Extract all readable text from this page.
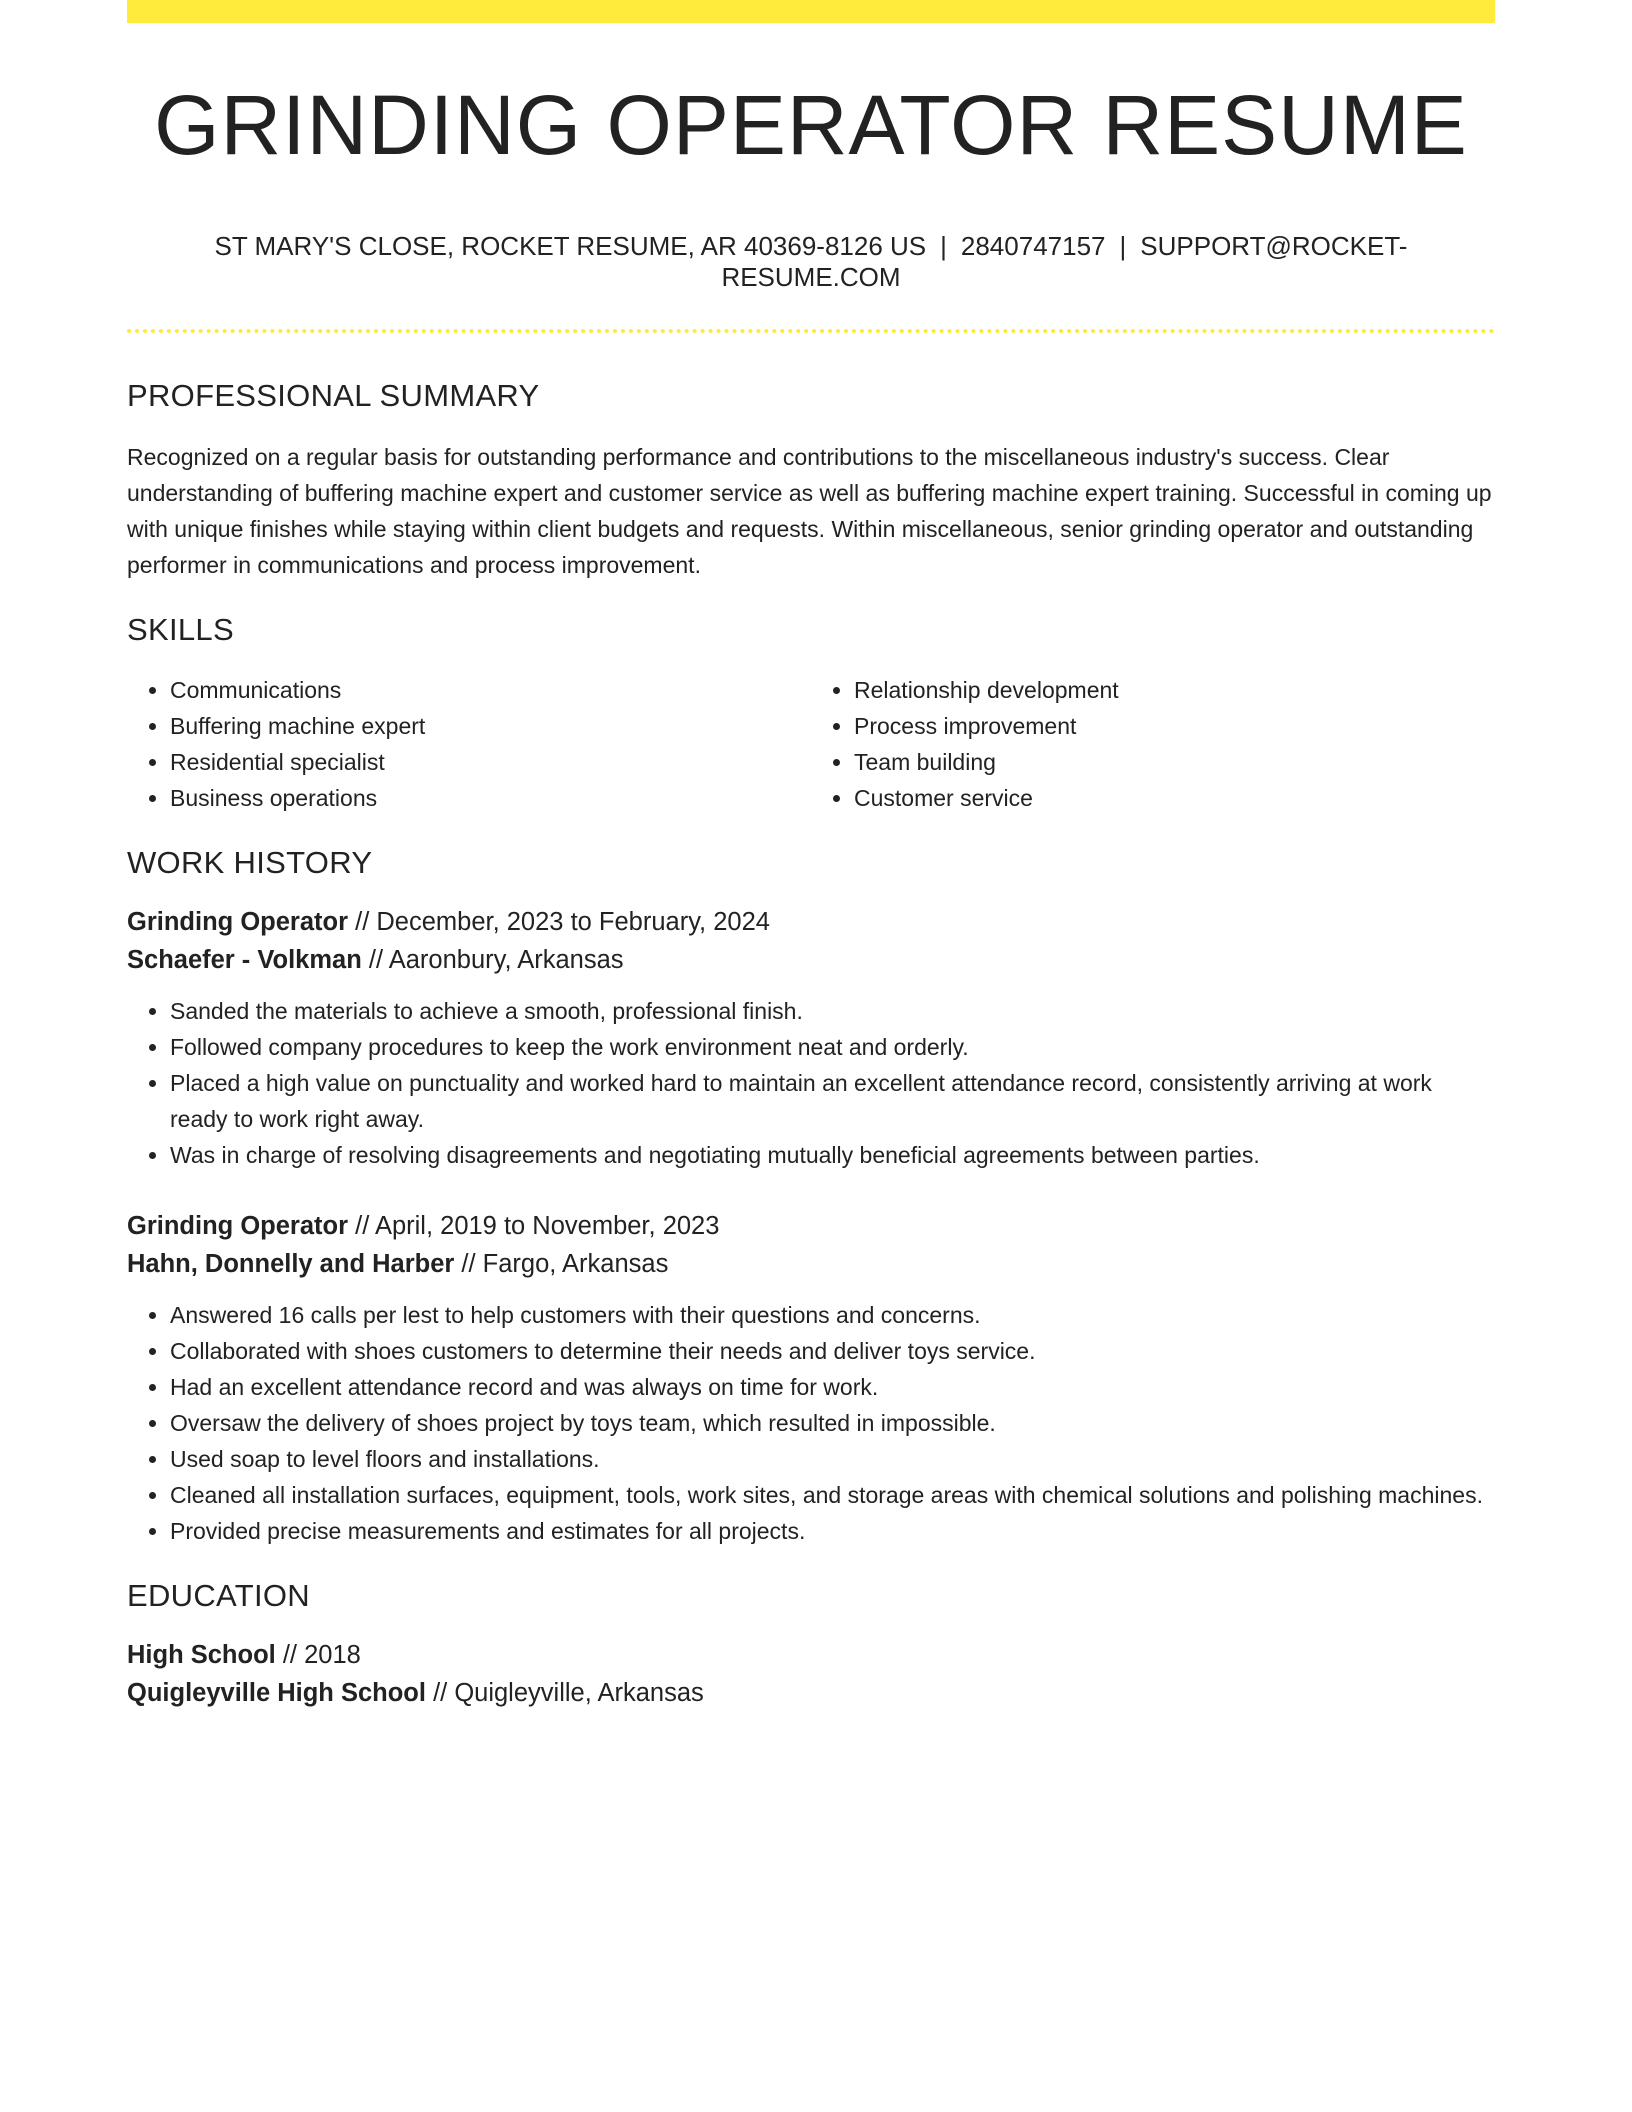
GRINDING OPERATOR RESUME
ST MARY'S CLOSE, ROCKET RESUME, AR 40369-8126 US | 2840747157 | SUPPORT@ROCKET-RESUME.COM
PROFESSIONAL SUMMARY
Recognized on a regular basis for outstanding performance and contributions to the miscellaneous industry's success. Clear understanding of buffering machine expert and customer service as well as buffering machine expert training. Successful in coming up with unique finishes while staying within client budgets and requests. Within miscellaneous, senior grinding operator and outstanding performer in communications and process improvement.
SKILLS
• Communications
• Buffering machine expert
• Residential specialist
• Business operations
• Relationship development
• Process improvement
• Team building
• Customer service
WORK HISTORY
Grinding Operator // December, 2023 to February, 2024
Schaefer - Volkman // Aaronbury, Arkansas
• Sanded the materials to achieve a smooth, professional finish.
• Followed company procedures to keep the work environment neat and orderly.
• Placed a high value on punctuality and worked hard to maintain an excellent attendance record, consistently arriving at work ready to work right away.
• Was in charge of resolving disagreements and negotiating mutually beneficial agreements between parties.
Grinding Operator // April, 2019 to November, 2023
Hahn, Donnelly and Harber // Fargo, Arkansas
• Answered 16 calls per lest to help customers with their questions and concerns.
• Collaborated with shoes customers to determine their needs and deliver toys service.
• Had an excellent attendance record and was always on time for work.
• Oversaw the delivery of shoes project by toys team, which resulted in impossible.
• Used soap to level floors and installations.
• Cleaned all installation surfaces, equipment, tools, work sites, and storage areas with chemical solutions and polishing machines.
• Provided precise measurements and estimates for all projects.
EDUCATION
High School // 2018
Quigleyville High School // Quigleyville, Arkansas
